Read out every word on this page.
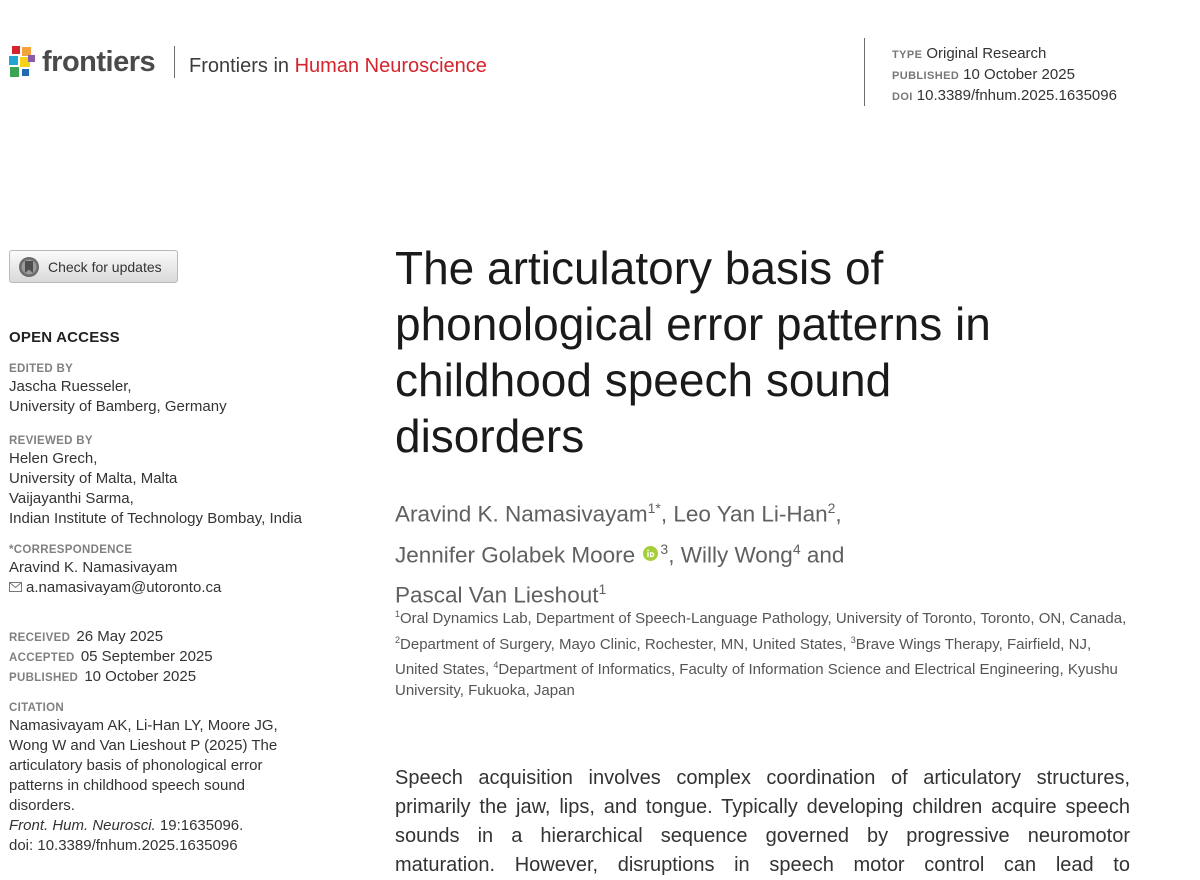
frontiers Frontiers in Human Neuroscience	TYPE Original Research
PUBLISHED 10 October 2025
DOI 10.3389/fnhum.2025.1635096
Check for updates
OPEN ACCESS
EDITED BY
Jascha Ruesseler,
University of Bamberg, Germany
REVIEWED BY
Helen Grech,
University of Malta, Malta
Vaijayanthi Sarma,
Indian Institute of Technology Bombay, India
*CORRESPONDENCE
Aravind K. Namasivayam
a.namasivayam@utoronto.ca
RECEIVED 26 May 2025
ACCEPTED 05 September 2025
PUBLISHED 10 October 2025
CITATION
Namasivayam AK, Li-Han LY, Moore JG,
Wong W and Van Lieshout P (2025) The
articulatory basis of phonological error
patterns in childhood speech sound
disorders.
Front. Hum. Neurosci. 19:1635096.
doi: 10.3389/fnhum.2025.1635096
The articulatory basis of
phonological error patterns in
childhood speech sound
disorders
Aravind K. Namasivayam$^{1*}$, Leo Yan Li-Han$^2$,
Jennifer Golabek Moore $^3$, Willy Wong$^4$ and
Pascal Van Lieshout$^1$
$^1$Oral Dynamics Lab, Department of Speech-Language Pathology, University of Toronto, Toronto, ON, Canada, $^2$Department of Surgery, Mayo Clinic, Rochester, MN, United States, $^3$Brave Wings Therapy, Fairfield, NJ, United States, $^4$Department of Informatics, Faculty of Information Science and Electrical Engineering, Kyushu University, Fukuoka, Japan
Speech acquisition involves complex coordination of articulatory structures, primarily the jaw, lips, and tongue. Typically developing children acquire speech sounds in a hierarchical sequence governed by progressive neuromotor maturation. However, disruptions in speech motor control can lead to
